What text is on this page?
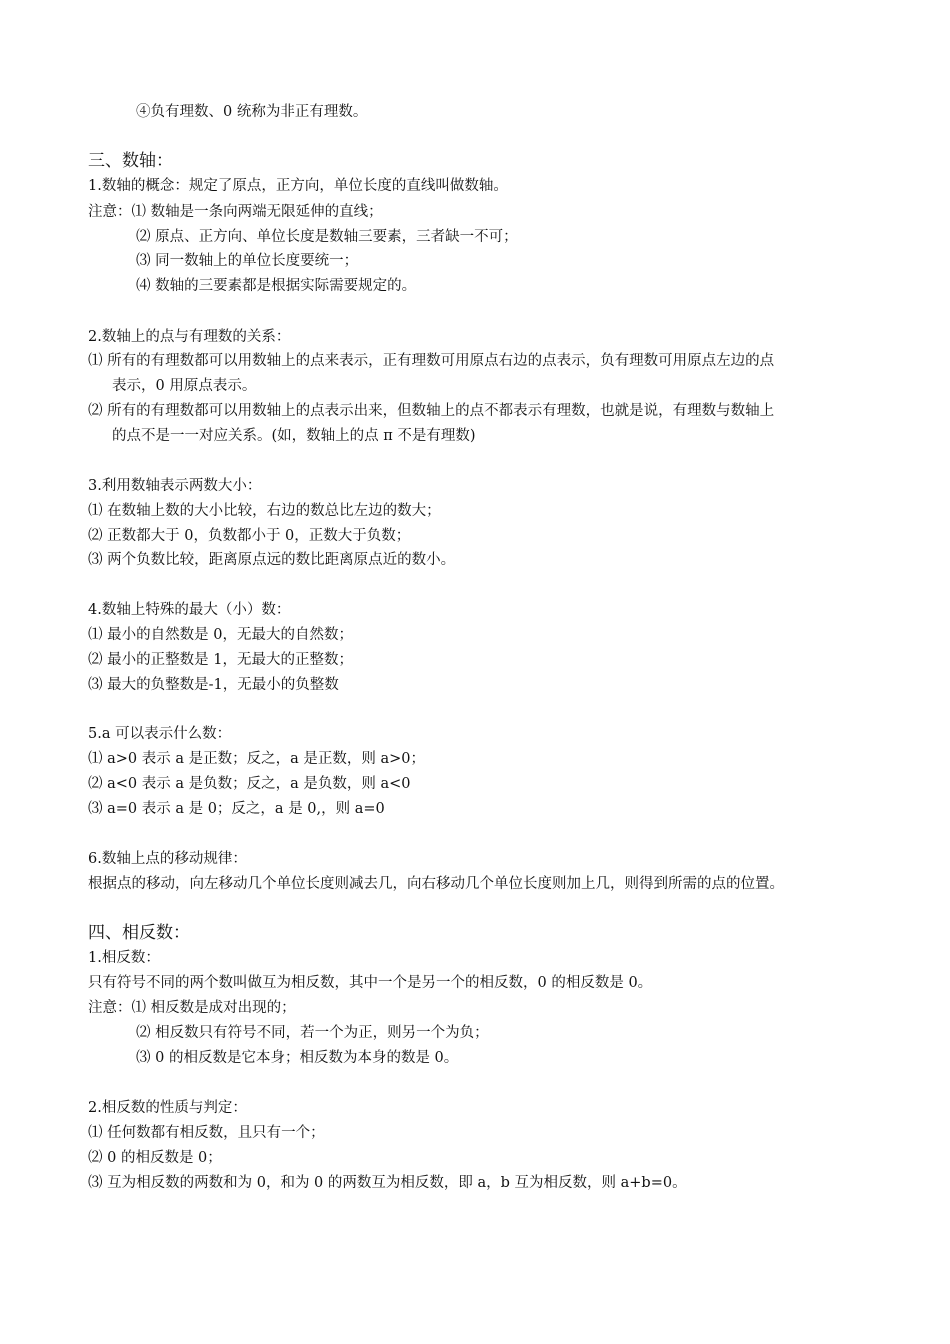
④负有理数、0 统称为非正有理数。
三、数轴：
1.数轴的概念：规定了原点，正方向，单位长度的直线叫做数轴。
注意：⑴ 数轴是一条向两端无限延伸的直线；
⑵ 原点、正方向、单位长度是数轴三要素，三者缺一不可；
⑶ 同一数轴上的单位长度要统一；
⑷ 数轴的三要素都是根据实际需要规定的。
2.数轴上的点与有理数的关系：
⑴ 所有的有理数都可以用数轴上的点来表示，正有理数可用原点右边的点表示，负有理数可用原点左边的点
表示，0 用原点表示。
⑵ 所有的有理数都可以用数轴上的点表示出来，但数轴上的点不都表示有理数，也就是说，有理数与数轴上
的点不是一一对应关系。(如，数轴上的点 π 不是有理数)
3.利用数轴表示两数大小：
⑴ 在数轴上数的大小比较，右边的数总比左边的数大；
⑵ 正数都大于 0，负数都小于 0，正数大于负数；
⑶ 两个负数比较，距离原点远的数比距离原点近的数小。
4.数轴上特殊的最大（小）数：
⑴ 最小的自然数是 0，无最大的自然数；
⑵ 最小的正整数是 1，无最大的正整数；
⑶ 最大的负整数是-1，无最小的负整数
5.a 可以表示什么数：
⑴ a>0 表示 a 是正数；反之，a 是正数，则 a>0；
⑵ a<0 表示 a 是负数；反之，a 是负数，则 a<0
⑶ a=0 表示 a 是 0；反之，a 是 0,，则 a=0
6.数轴上点的移动规律：
根据点的移动，向左移动几个单位长度则减去几，向右移动几个单位长度则加上几，则得到所需的点的位置。
四、相反数：
1.相反数：
只有符号不同的两个数叫做互为相反数，其中一个是另一个的相反数，0 的相反数是 0。
注意：⑴ 相反数是成对出现的；
⑵ 相反数只有符号不同，若一个为正，则另一个为负；
⑶ 0 的相反数是它本身；相反数为本身的数是 0。
2.相反数的性质与判定：
⑴ 任何数都有相反数，且只有一个；
⑵ 0 的相反数是 0；
⑶ 互为相反数的两数和为 0，和为 0 的两数互为相反数，即 a，b 互为相反数，则 a+b=0。
